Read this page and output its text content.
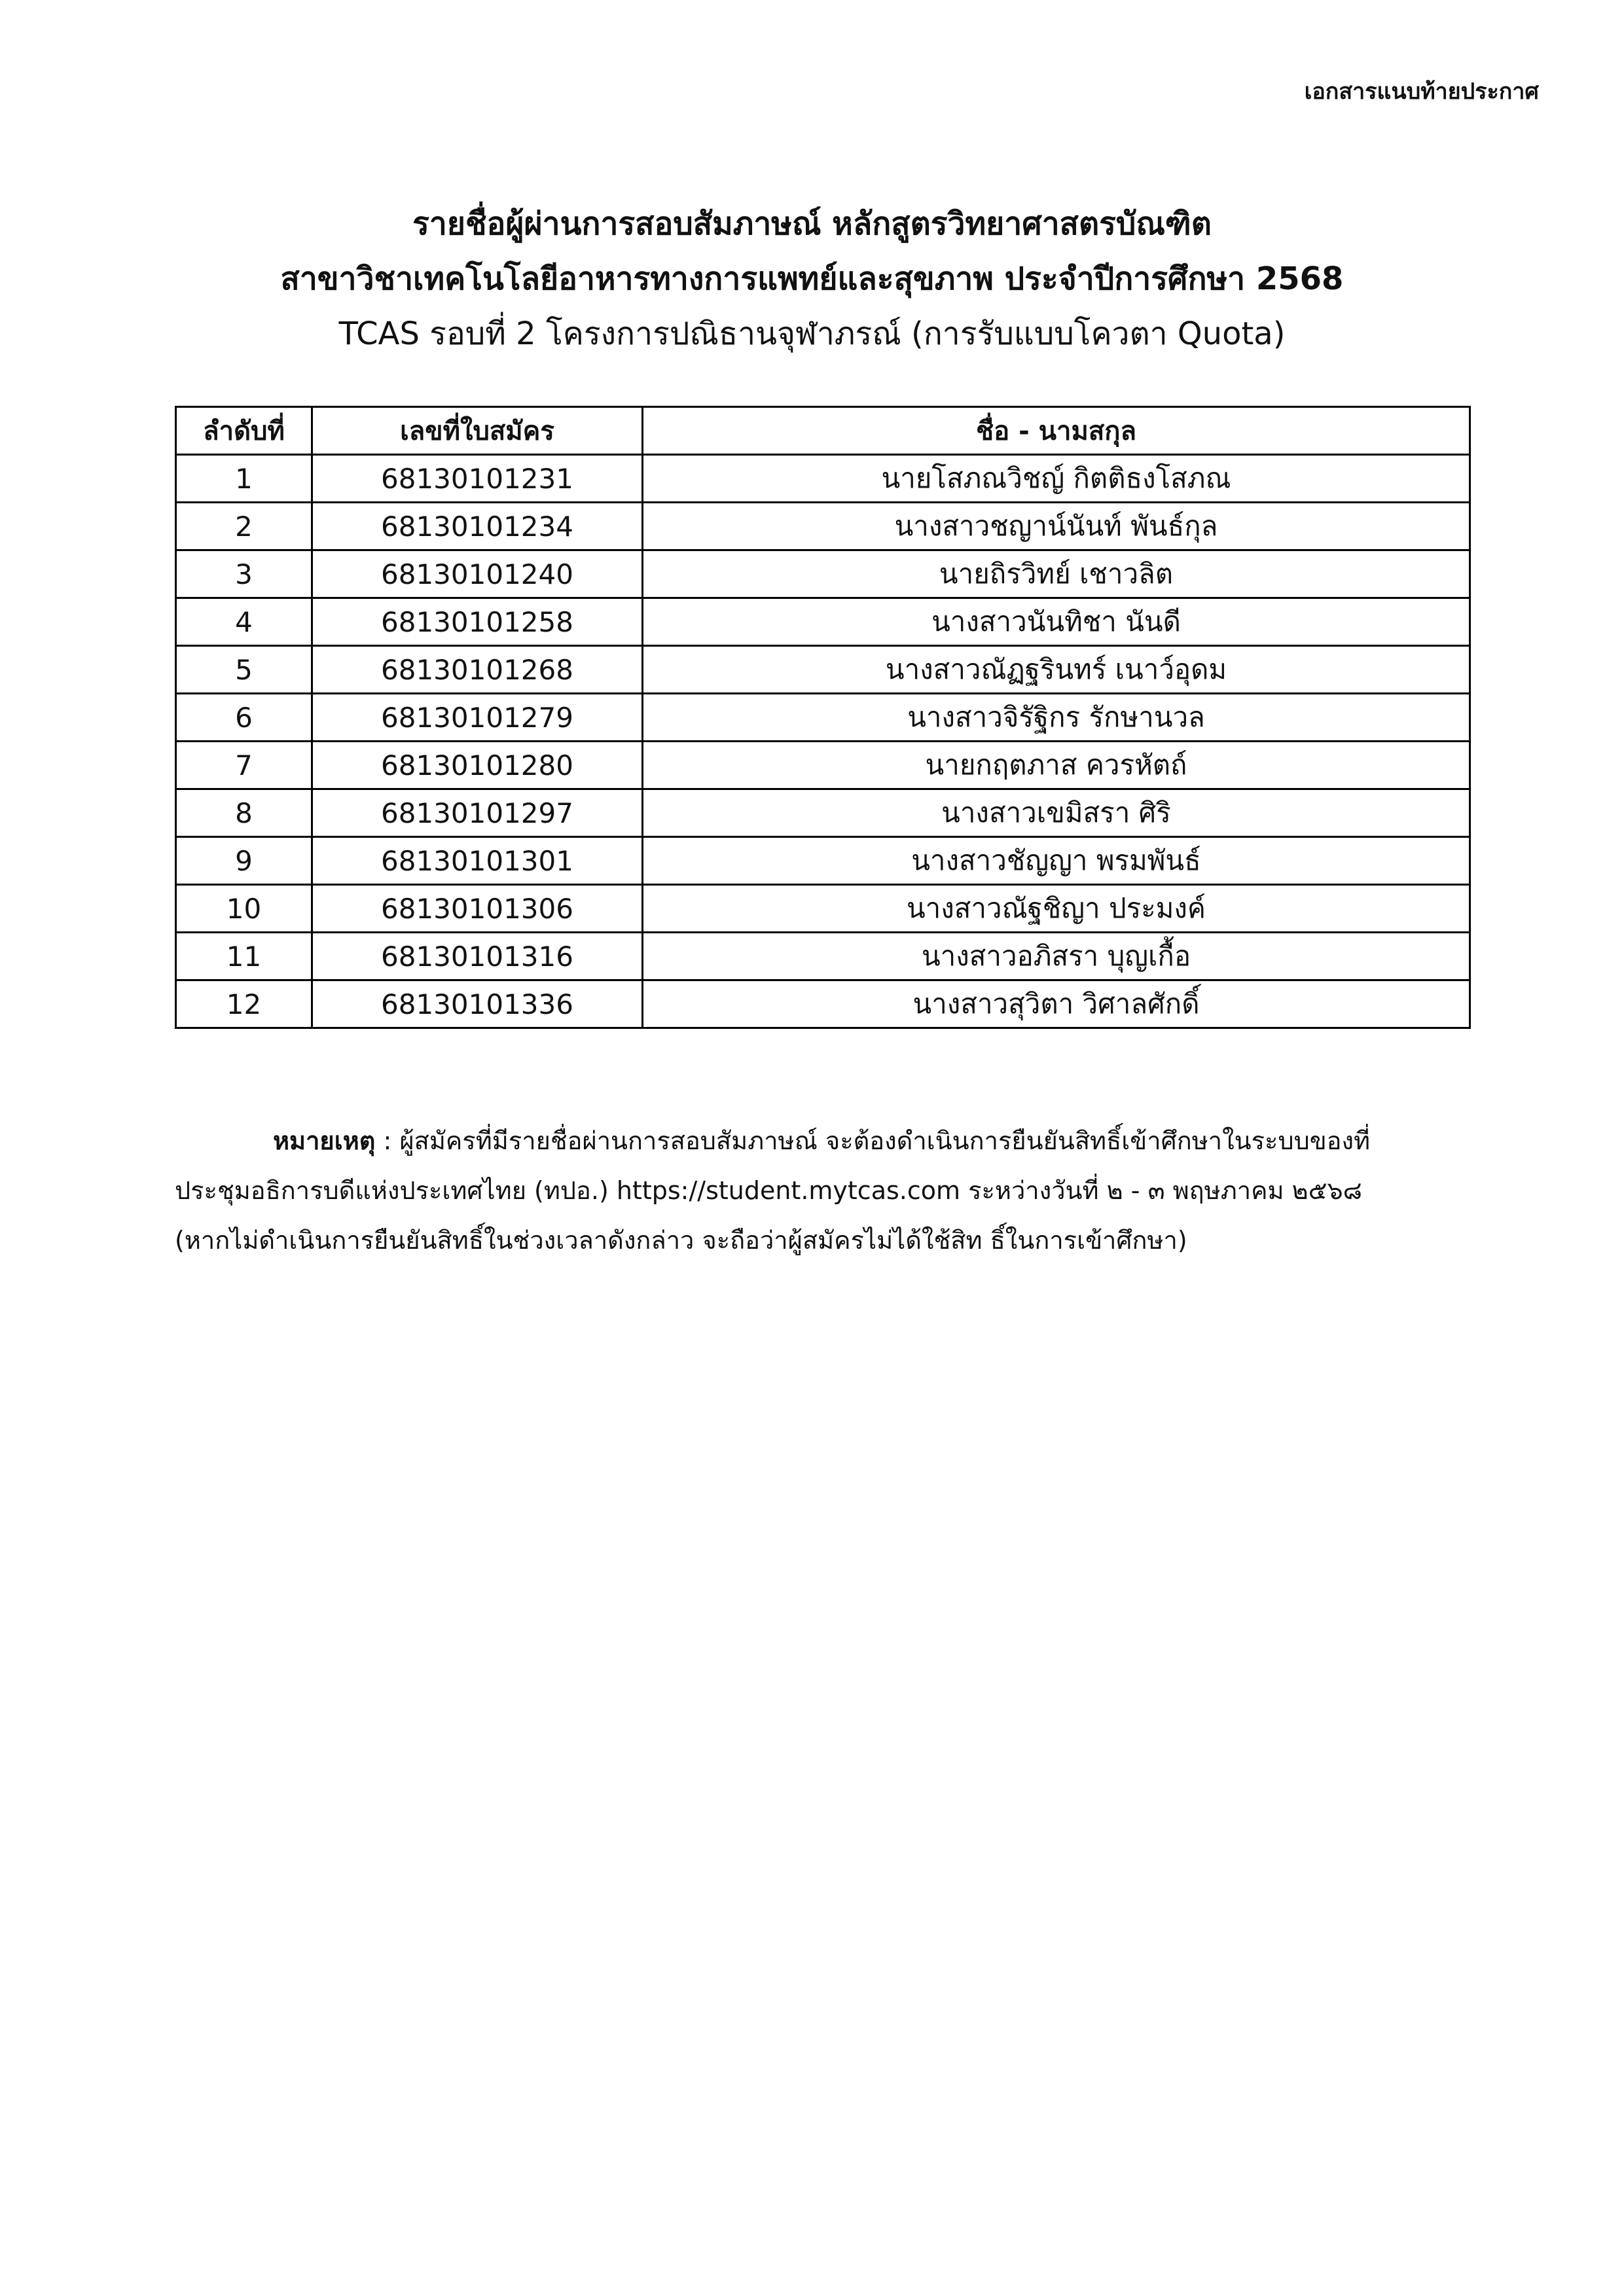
เอกสารแนบท้ายประกาศ
รายชื่อผู้ผ่านการสอบสัมภาษณ์ หลักสูตรวิทยาศาสตรบัณฑิต
สาขาวิชาเทคโนโลยีอาหารทางการแพทย์และสุขภาพ ประจำปีการศึกษา 2568
TCAS รอบที่ 2 โครงการปณิธานจุฬาภรณ์ (การรับแบบโควตา Quota)
ลำดับที่	เลขที่ใบสมัคร	ชื่อ - นามสกุล
1	68130101231	นายโสภณวิชญ์ กิตติธงโสภณ
2	68130101234	นางสาวชญาน์นันท์ พันธ์กุล
3	68130101240	นายถิรวิทย์ เชาวลิต
4	68130101258	นางสาวนันทิชา นันดี
5	68130101268	นางสาวณัฏฐรินทร์ เนาว์อุดม
6	68130101279	นางสาวจิรัฐิกร รักษานวล
7	68130101280	นายกฤตภาส ควรหัตถ์
8	68130101297	นางสาวเขมิสรา ศิริ
9	68130101301	นางสาวชัญญา พรมพันธ์
10	68130101306	นางสาวณัฐชิญา ประมงค์
11	68130101316	นางสาวอภิสรา บุญเกื้อ
12	68130101336	นางสาวสุวิตา วิศาลศักดิ์

หมายเหตุ : ผู้สมัครที่มีรายชื่อผ่านการสอบสัมภาษณ์ จะต้องดำเนินการยืนยันสิทธิ์เข้าศึกษาในระบบของที่

ประชุมอธิการบดีแห่งประเทศไทย (ทปอ.) https://student.mytcas.com ระหว่างวันที่ ๒ - ๓ พฤษภาคม ๒๕๖๘

(หากไม่ดำเนินการยืนยันสิทธิ์ในช่วงเวลาดังกล่าว จะถือว่าผู้สมัครไม่ได้ใช้สิท ธิ์ในการเข้าศึกษา)
